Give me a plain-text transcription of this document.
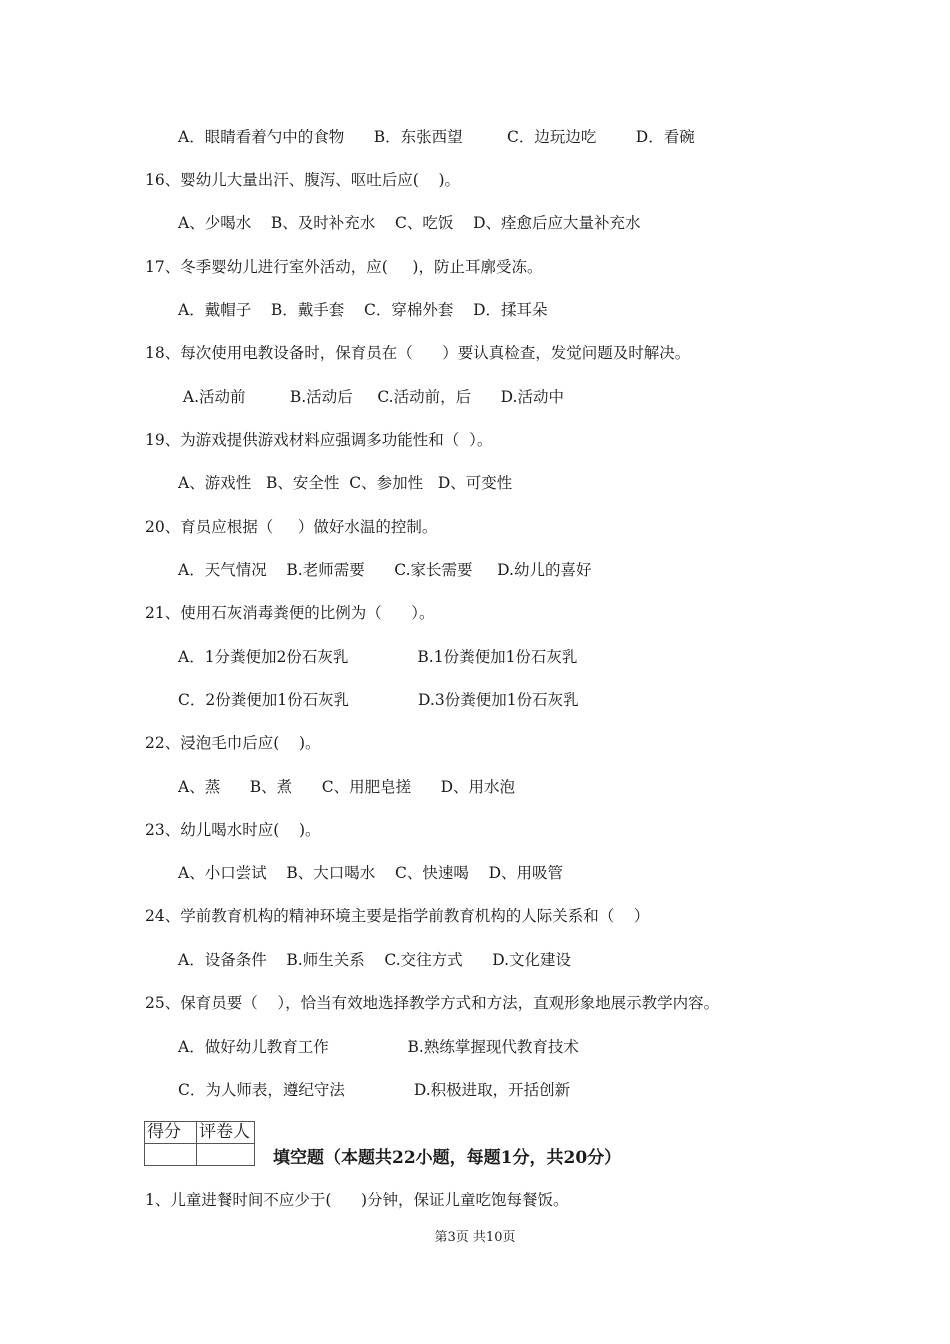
A．眼睛看着勺中的食物      B．东张西望         C．边玩边吃        D．看碗
16、婴幼儿大量出汗、腹泻、呕吐后应(    )。
A、少喝水    B、及时补充水    C、吃饭    D、痊愈后应大量补充水
17、冬季婴幼儿进行室外活动，应(     )，防止耳廓受冻。
A．戴帽子    B．戴手套    C．穿棉外套    D．揉耳朵
18、每次使用电教设备时，保育员在（      ）要认真检查，发觉问题及时解决。
A.活动前         B.活动后     C.活动前，后      D.活动中
19、为游戏提供游戏材料应强调多功能性和（  ）。
A、游戏性   B、安全性  C、参加性   D、可变性
20、育员应根据（     ）做好水温的控制。
A．天气情况    B.老师需要      C.家长需要     D.幼儿的喜好
21、使用石灰消毒粪便的比例为（      ）。
A．1分粪便加2份石灰乳              B.1份粪便加1份石灰乳
C．2份粪便加1份石灰乳              D.3份粪便加1份石灰乳
22、浸泡毛巾后应(    )。
A、蒸      B、煮      C、用肥皂搓      D、用水泡
23、幼儿喝水时应(    )。
A、小口尝试    B、大口喝水    C、快速喝    D、用吸管
24、学前教育机构的精神环境主要是指学前教育机构的人际关系和（    ）
A．设备条件    B.师生关系    C.交往方式      D.文化建设
25、保育员要（    ），恰当有效地选择教学方式和方法，直观形象地展示教学内容。
A．做好幼儿教育工作                B.熟练掌握现代教育技术
C．为人师表，遵纪守法              D.积极进取，开括创新
得分	评卷人

填空题（本题共22小题，每题1分，共20分）
1、儿童进餐时间不应少于(      )分钟，保证儿童吃饱每餐饭。
第3页 共10页
